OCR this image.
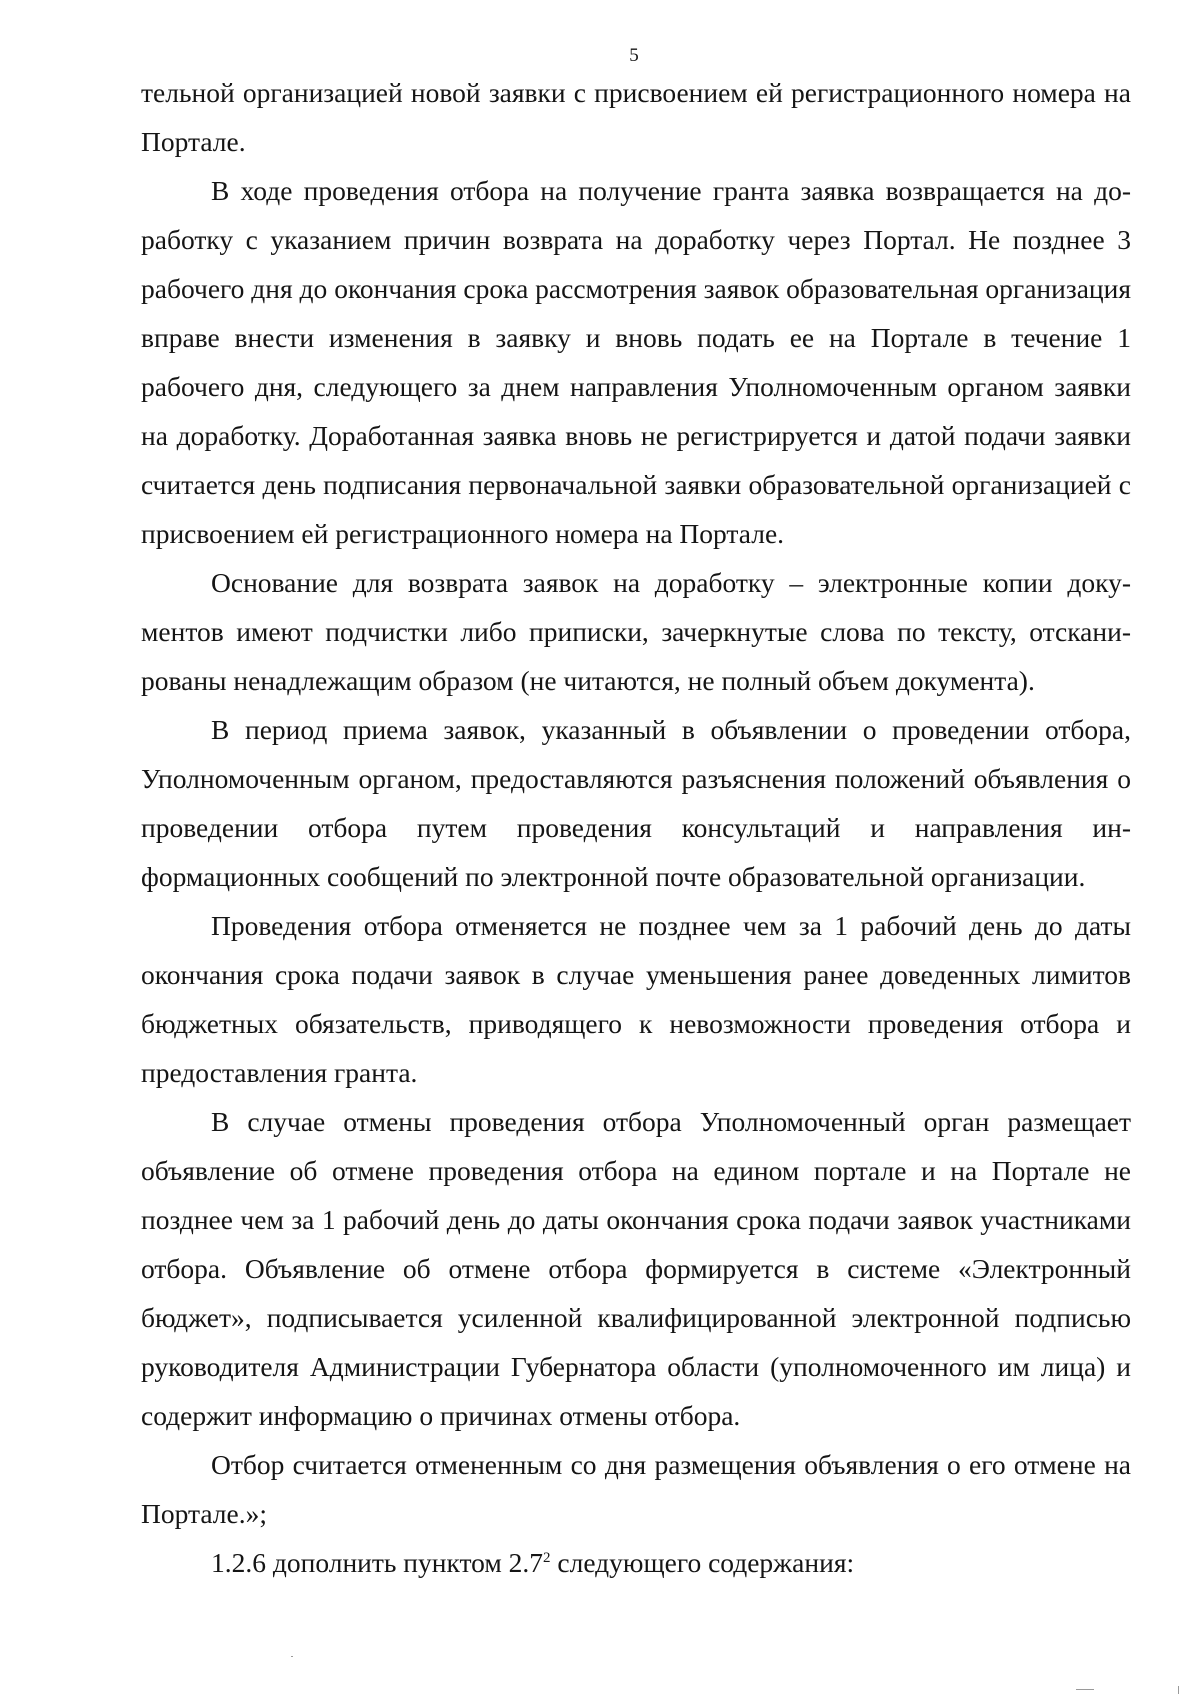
5

тельной организацией новой заявки с присвоением ей регистрационного номера на Портале.

В ходе проведения отбора на получение гранта заявка возвращается на доработку с указанием причин возврата на доработку через Портал. Не позднее 3 рабочего дня до окончания срока рассмотрения заявок образовательная организация вправе внести изменения в заявку и вновь подать ее на Портале в течение 1 рабочего дня, следующего за днем направления Уполномоченным органом заявки на доработку. Доработанная заявка вновь не регистрируется и датой подачи заявки считается день подписания первоначальной заявки образовательной организацией с присвоением ей регистрационного номера на Портале.

Основание для возврата заявок на доработку – электронные копии документов имеют подчистки либо приписки, зачеркнутые слова по тексту, отсканированы ненадлежащим образом (не читаются, не полный объем документа).

В период приема заявок, указанный в объявлении о проведении отбора, Уполномоченным органом, предоставляются разъяснения положений объявления о проведении отбора путем проведения консультаций и направления информационных сообщений по электронной почте образовательной организации.

Проведения отбора отменяется не позднее чем за 1 рабочий день до даты окончания срока подачи заявок в случае уменьшения ранее доведенных лимитов бюджетных обязательств, приводящего к невозможности проведения отбора и предоставления гранта.

В случае отмены проведения отбора Уполномоченный орган размещает объявление об отмене проведения отбора на едином портале и на Портале не позднее чем за 1 рабочий день до даты окончания срока подачи заявок участниками отбора. Объявление об отмене отбора формируется в системе «Электронный бюджет», подписывается усиленной квалифицированной электронной подписью руководителя Администрации Губернатора области (уполномоченного им лица) и содержит информацию о причинах отмены отбора.

Отбор считается отмененным со дня размещения объявления о его отмене на Портале.»;

1.2.6 дополнить пунктом $2.7^2$ следующего содержания:
